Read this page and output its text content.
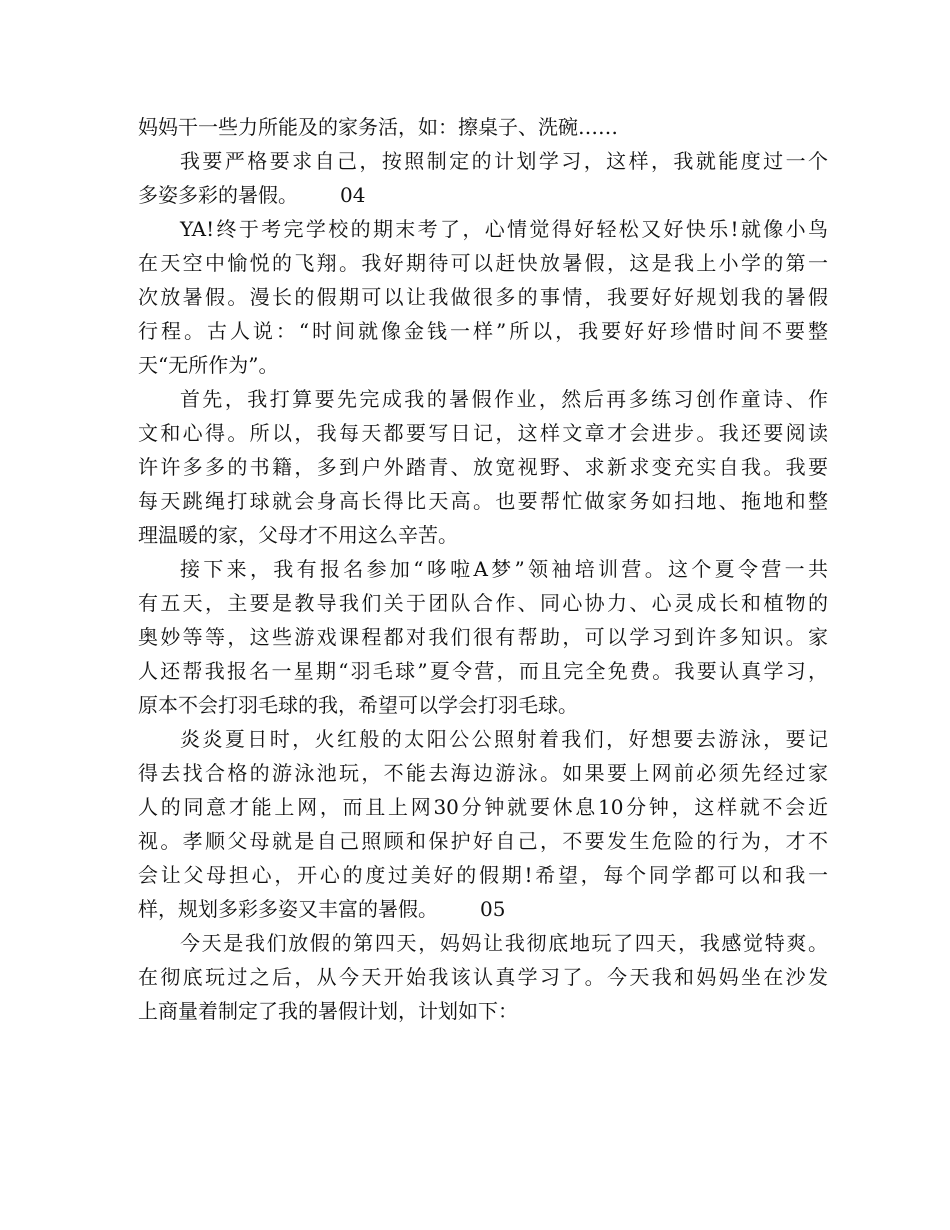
妈妈干一些力所能及的家务活，如：擦桌子、洗碗……
我要严格要求自己，按照制定的计划学习，这样，我就能度过一个
多姿多彩的暑假。 04
YA!终于考完学校的期末考了，心情觉得好轻松又好快乐!就像小鸟
在天空中愉悦的飞翔。我好期待可以赶快放暑假，这是我上小学的第一
次放暑假。漫长的假期可以让我做很多的事情，我要好好规划我的暑假
行程。古人说：“时间就像金钱一样”所以，我要好好珍惜时间不要整
天“无所作为”。
首先，我打算要先完成我的暑假作业，然后再多练习创作童诗、作
文和心得。所以，我每天都要写日记，这样文章才会进步。我还要阅读
许许多多的书籍，多到户外踏青、放宽视野、求新求变充实自我。我要
每天跳绳打球就会身高长得比天高。也要帮忙做家务如扫地、拖地和整
理温暖的家，父母才不用这么辛苦。
接下来，我有报名参加“哆啦A梦”领袖培训营。这个夏令营一共
有五天，主要是教导我们关于团队合作、同心协力、心灵成长和植物的
奥妙等等，这些游戏课程都对我们很有帮助，可以学习到许多知识。家
人还帮我报名一星期“羽毛球”夏令营，而且完全免费。我要认真学习，
原本不会打羽毛球的我，希望可以学会打羽毛球。
炎炎夏日时，火红般的太阳公公照射着我们，好想要去游泳，要记
得去找合格的游泳池玩，不能去海边游泳。如果要上网前必须先经过家
人的同意才能上网，而且上网30分钟就要休息10分钟，这样就不会近
视。孝顺父母就是自己照顾和保护好自己，不要发生危险的行为，才不
会让父母担心，开心的度过美好的假期!希望，每个同学都可以和我一
样，规划多彩多姿又丰富的暑假。 05
今天是我们放假的第四天，妈妈让我彻底地玩了四天，我感觉特爽。
在彻底玩过之后，从今天开始我该认真学习了。今天我和妈妈坐在沙发
上商量着制定了我的暑假计划，计划如下：
